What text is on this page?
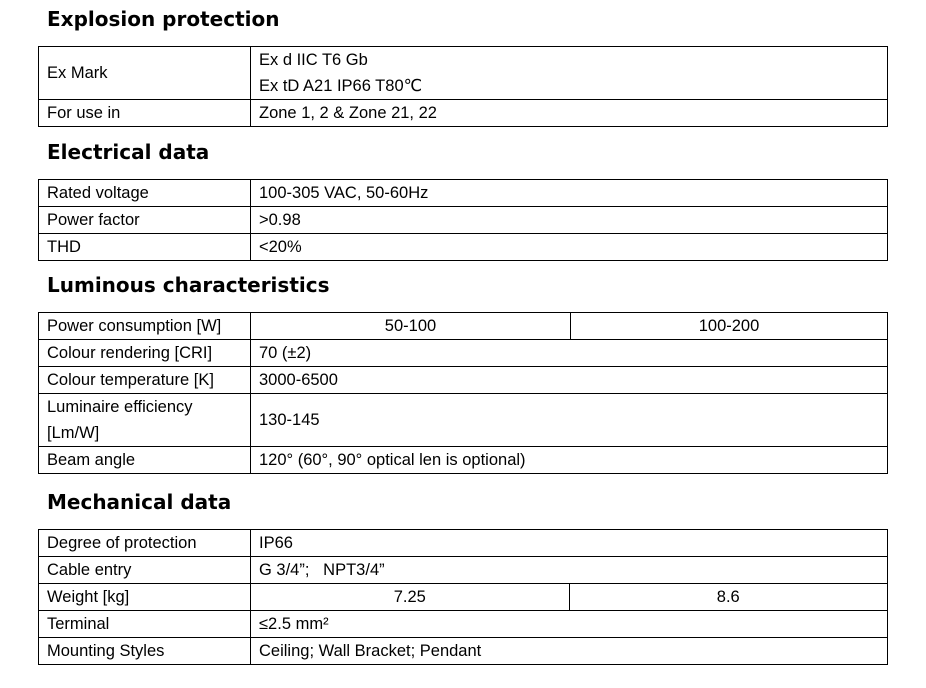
Explosion protection
Ex Mark	Ex d IIC T6 Gb
Ex tD A21 IP66 T80℃

For use in	Zone 1, 2 & Zone 21, 22
Electrical data
Rated voltage	100-305 VAC, 50-60Hz
Power factor	>0.98
THD	<20%
Luminous characteristics
Power consumption [W]	50-100	100-200
Colour rendering [CRI]	70 (±2)	
Colour temperature [K]	3000-6500	

Luminaire efficiency
[Lm/W]	130-145	
Beam angle	120° (60°, 90° optical len is optional)	
Mechanical data
Degree of protection	IP66	
Cable entry	G 3/4”;   NPT3/4”	
Weight [kg]	7.25	8.6
Terminal	≤2.5 mm²	
Mounting Styles	Ceiling; Wall Bracket; Pendant	
